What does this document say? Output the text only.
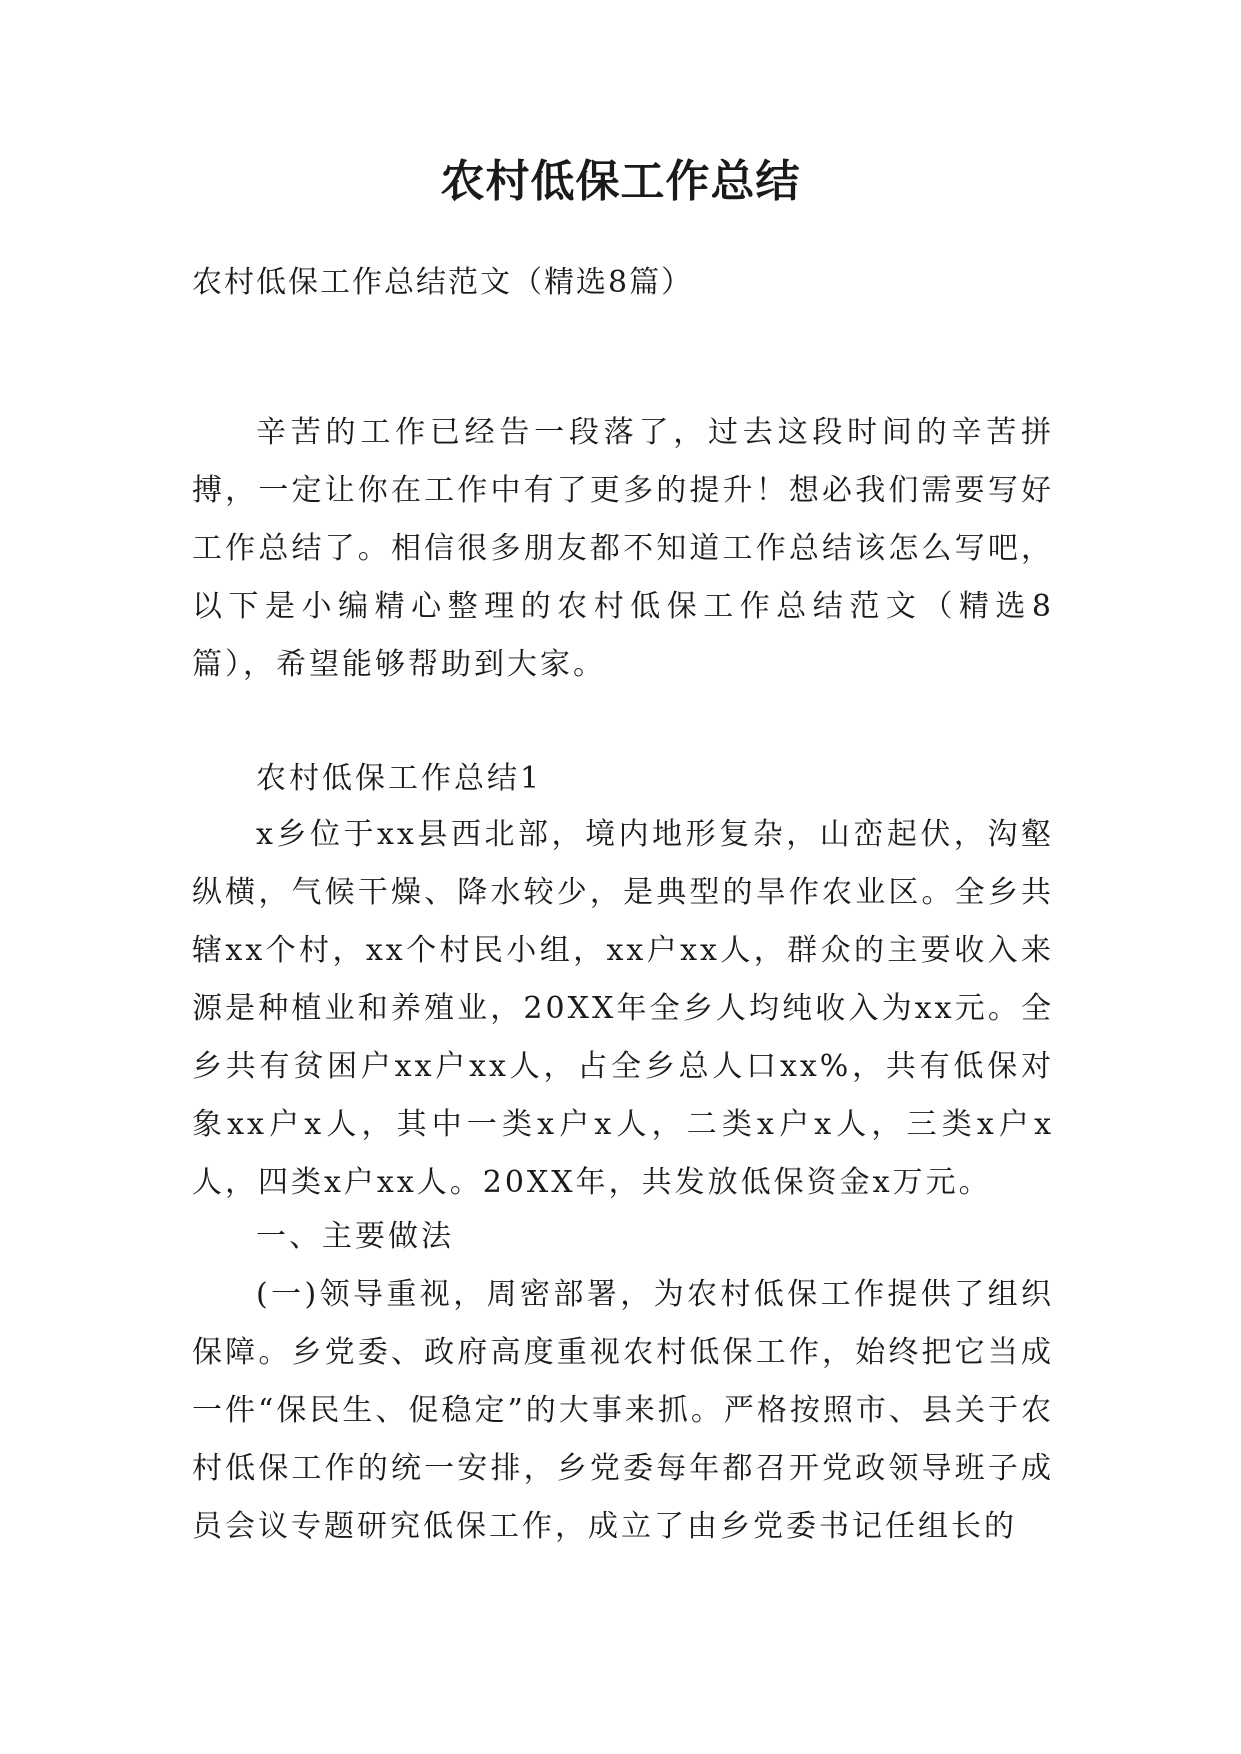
农村低保工作总结
农村低保工作总结范文（精选8篇）

辛苦的工作已经告一段落了，过去这段时间的辛苦拼搏，一定让你在工作中有了更多的提升！想必我们需要写好工作总结了。相信很多朋友都不知道工作总结该怎么写吧，以下是小编精心整理的农村低保工作总结范文（精选8篇），希望能够帮助到大家。

农村低保工作总结1

x乡位于xx县西北部，境内地形复杂，山峦起伏，沟壑纵横，气候干燥、降水较少，是典型的旱作农业区。全乡共辖xx个村，xx个村民小组，xx户xx人，群众的主要收入来源是种植业和养殖业，20XX年全乡人均纯收入为xx元。全乡共有贫困户xx户xx人，占全乡总人口xx%，共有低保对象xx户x人，其中一类x户x人，二类x户x人，三类x户x人，四类x户xx人。20XX年，共发放低保资金x万元。

一、主要做法

(一)领导重视，周密部署，为农村低保工作提供了组织保障。乡党委、政府高度重视农村低保工作，始终把它当成一件“保民生、促稳定”的大事来抓。严格按照市、县关于农村低保工作的统一安排，乡党委每年都召开党政领导班子成员会议专题研究低保工作，成立了由乡党委书记任组长的
